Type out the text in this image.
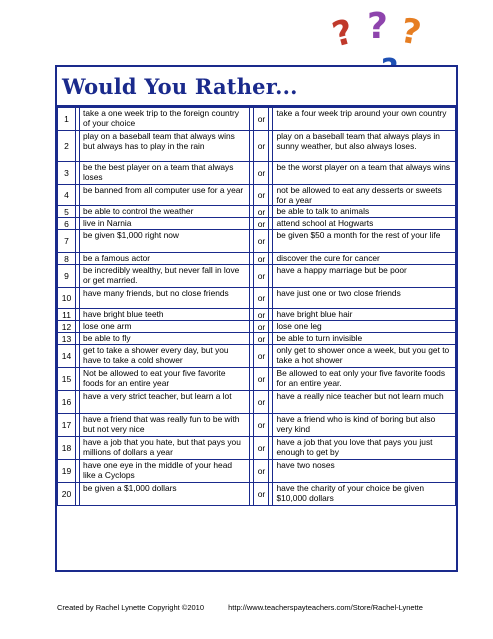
? ? ?
Would You Rather...
1		take a one week trip to the foreign country of your choice		or		take a four week trip around your own country
2		play on a baseball team that always wins but always has to play in the rain		or		play on a baseball team that always plays in sunny weather, but also always loses.
3		be the best player on a team that always loses		or		be the worst player on a team that always wins
4		be banned from all computer use for a year		or		not be allowed to eat any desserts or sweets for a year
5		be able to control the weather		or		be able to talk to animals
6		live in Narnia		or		attend school at Hogwarts
7		be given $1,000 right now		or		be given $50 a month for the rest of your life
8		be a famous actor		or		discover the cure for cancer
9		be incredibly wealthy, but never fall in love or get married.		or		have a happy marriage but be poor
10		have many friends, but no close friends		or		have just one or two close friends
11		have bright blue teeth		or		have bright blue hair
12		lose one arm		or		lose one leg
13		be able to fly		or		be able to turn invisible
14		get to take a shower every day, but you have to take a cold shower		or		only get to shower once a week, but you get to take a hot shower
15		Not be allowed to eat your five favorite foods for an entire year		or		Be allowed to eat only your five favorite foods for an entire year.
16		have a very strict teacher, but learn a lot		or		have a really nice teacher but not learn much
17		have a friend that was really fun to be with but not very nice		or		have a friend who is kind of boring but also very kind
18		have a job that you hate, but that pays you millions of dollars a year		or		have a job that you love that pays you just enough to get by
19		have one eye in the middle of your head like a Cyclops		or		have two noses
20		be given a $1,000 dollars		or		have the charity of your choice be given $10,000 dollars
Created by Rachel Lynette Copyright ©2010	http://www.teacherspayteachers.com/Store/Rachel-Lynette
